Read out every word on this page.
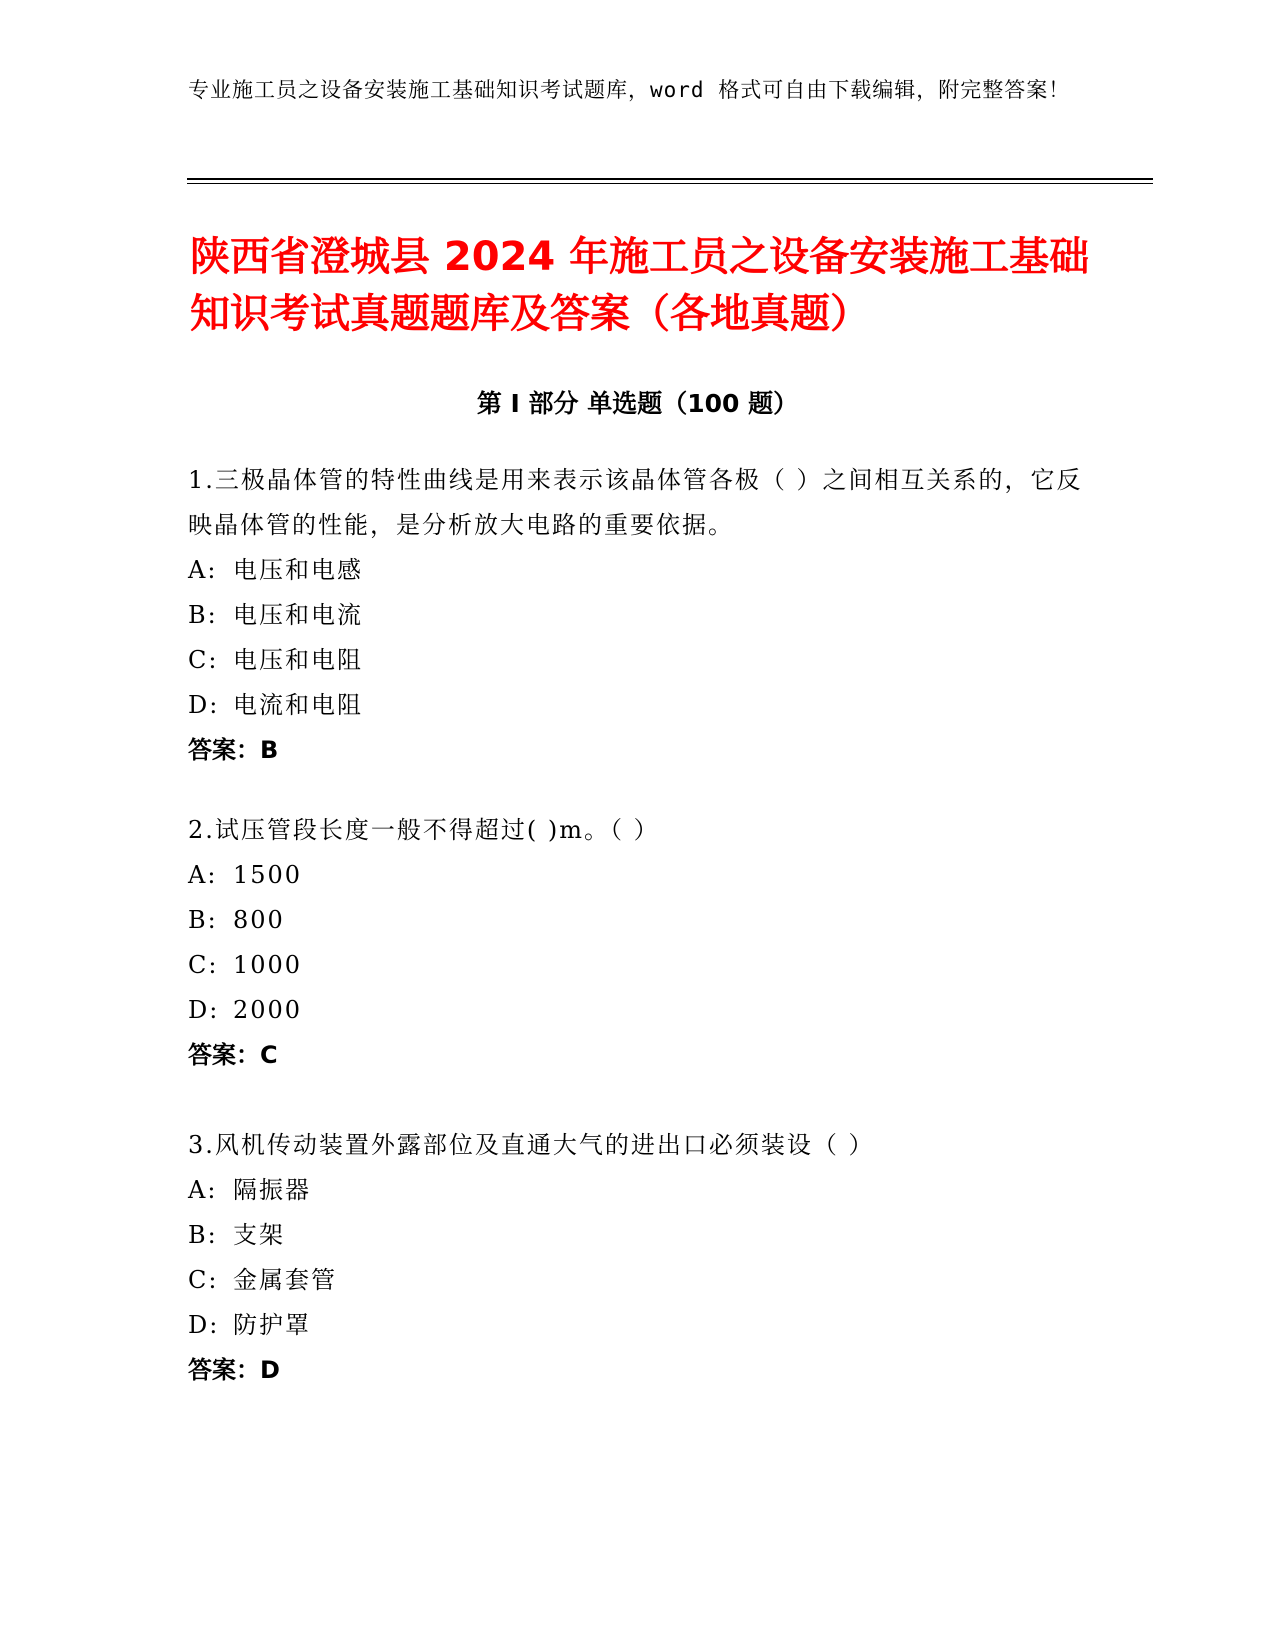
专业施工员之设备安装施工基础知识考试题库，word 格式可自由下载编辑，附完整答案！
陕西省澄城县 2024 年施工员之设备安装施工基础知识考试真题题库及答案（各地真题）
第 I 部分 单选题（100 题）

1.三极晶体管的特性曲线是用来表示该晶体管各极（ ）之间相互关系的，它反映晶体管的性能，是分析放大电路的重要依据。

A: 电压和电感

B: 电压和电流

C: 电压和电阻

D: 电流和电阻

答案：B

2.试压管段长度一般不得超过( )m。（ ）

A: 1500

B: 800

C: 1000

D: 2000

答案：C

3.风机传动装置外露部位及直通大气的进出口必须装设（ ）

A: 隔振器

B: 支架

C: 金属套管

D: 防护罩

答案：D
